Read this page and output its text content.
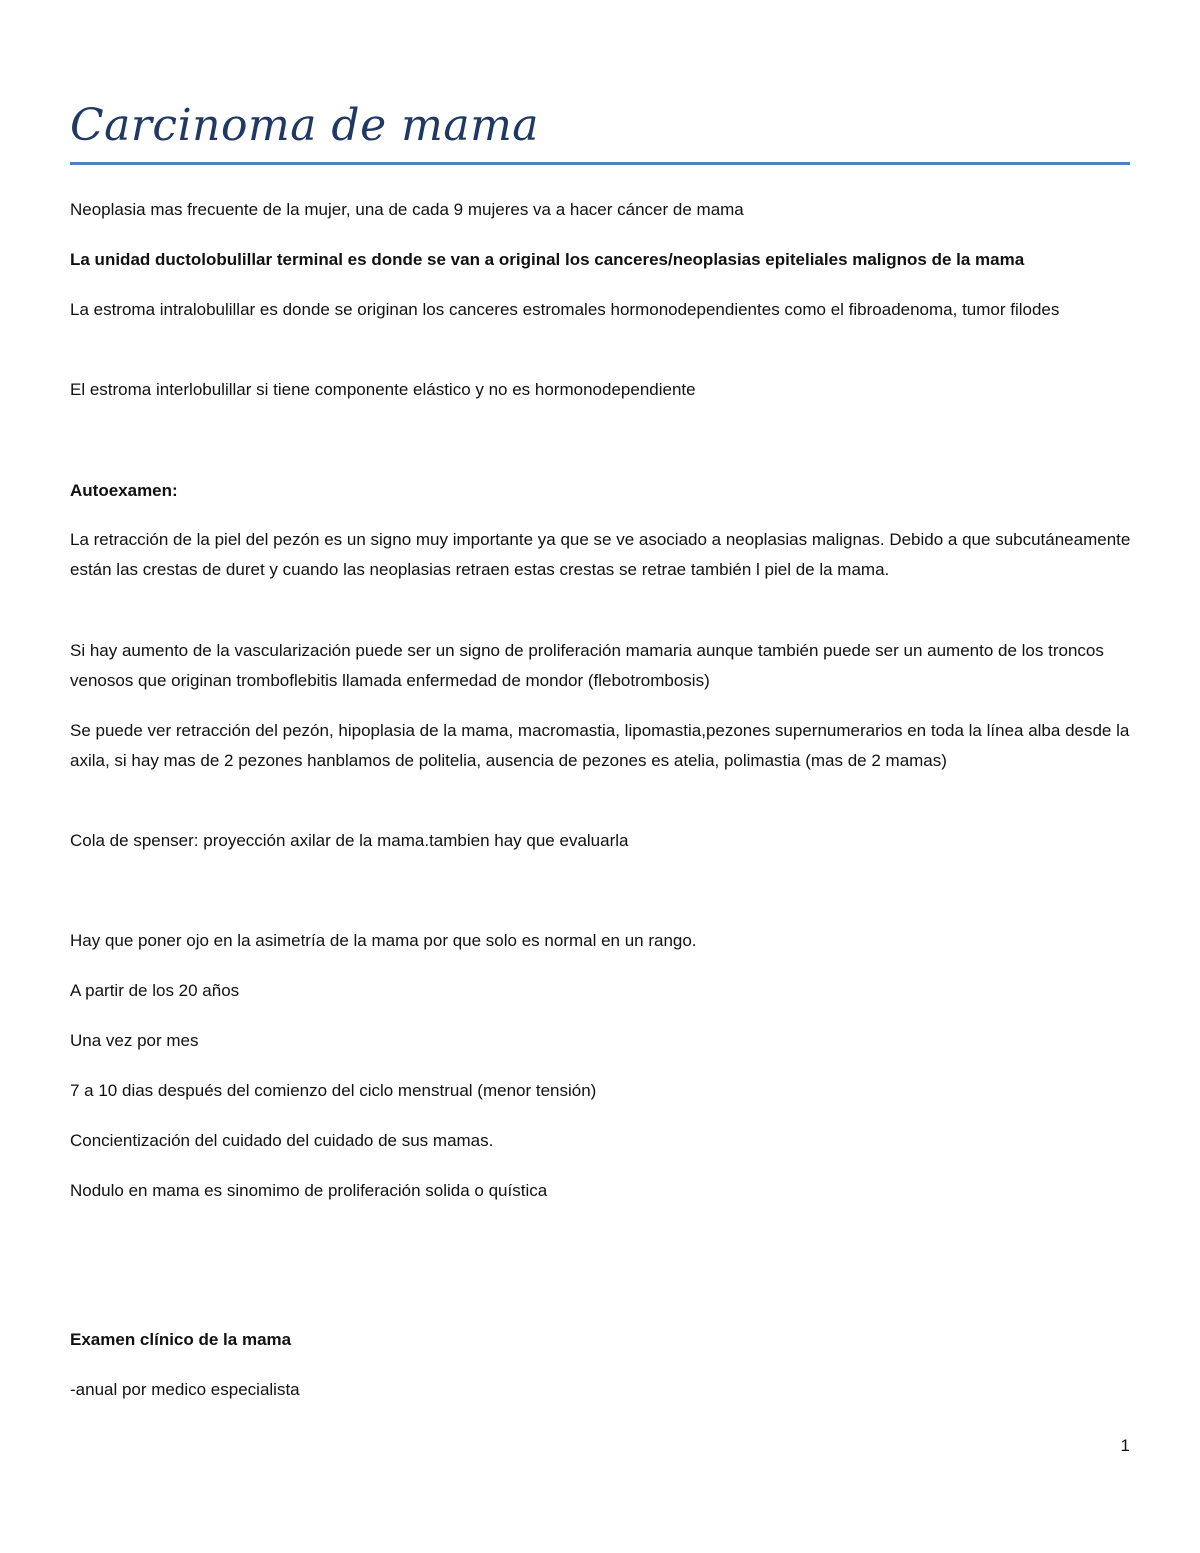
Carcinoma de mama

Neoplasia mas frecuente de la mujer, una de cada 9 mujeres va a hacer cáncer de mama

La unidad ductolobulillar terminal es donde se van a original los canceres/neoplasias epiteliales malignos de la mama

La estroma intralobulillar es donde se originan los canceres estromales hormonodependientes como el fibroadenoma, tumor filodes

El estroma interlobulillar si tiene componente elástico y no es hormonodependiente

Autoexamen:

La retracción de la piel del pezón es un signo muy importante ya que se ve asociado a neoplasias malignas. Debido a que subcutáneamente están las crestas de duret y cuando las neoplasias retraen estas crestas se retrae también l piel de la mama.

Si hay aumento de la vascularización puede ser un signo de proliferación mamaria aunque también puede ser un aumento de los troncos venosos que originan tromboflebitis llamada enfermedad de mondor (flebotrombosis)

Se puede ver retracción del pezón, hipoplasia de la mama, macromastia, lipomastia,pezones supernumerarios en toda la línea alba desde la axila, si hay mas de 2 pezones hanblamos de politelia, ausencia de pezones es atelia, polimastia (mas de 2 mamas)

Cola de spenser: proyección axilar de la mama.tambien hay que evaluarla

Hay que poner ojo en la asimetría de la mama por que solo es normal en un rango.

A partir de los 20 años

Una vez por mes

7 a 10 dias después del comienzo del ciclo menstrual (menor tensión)

Concientización del cuidado del cuidado de sus mamas.

Nodulo en mama es sinomimo de proliferación solida o quística

Examen clínico de la mama

-anual por medico especialista

1
